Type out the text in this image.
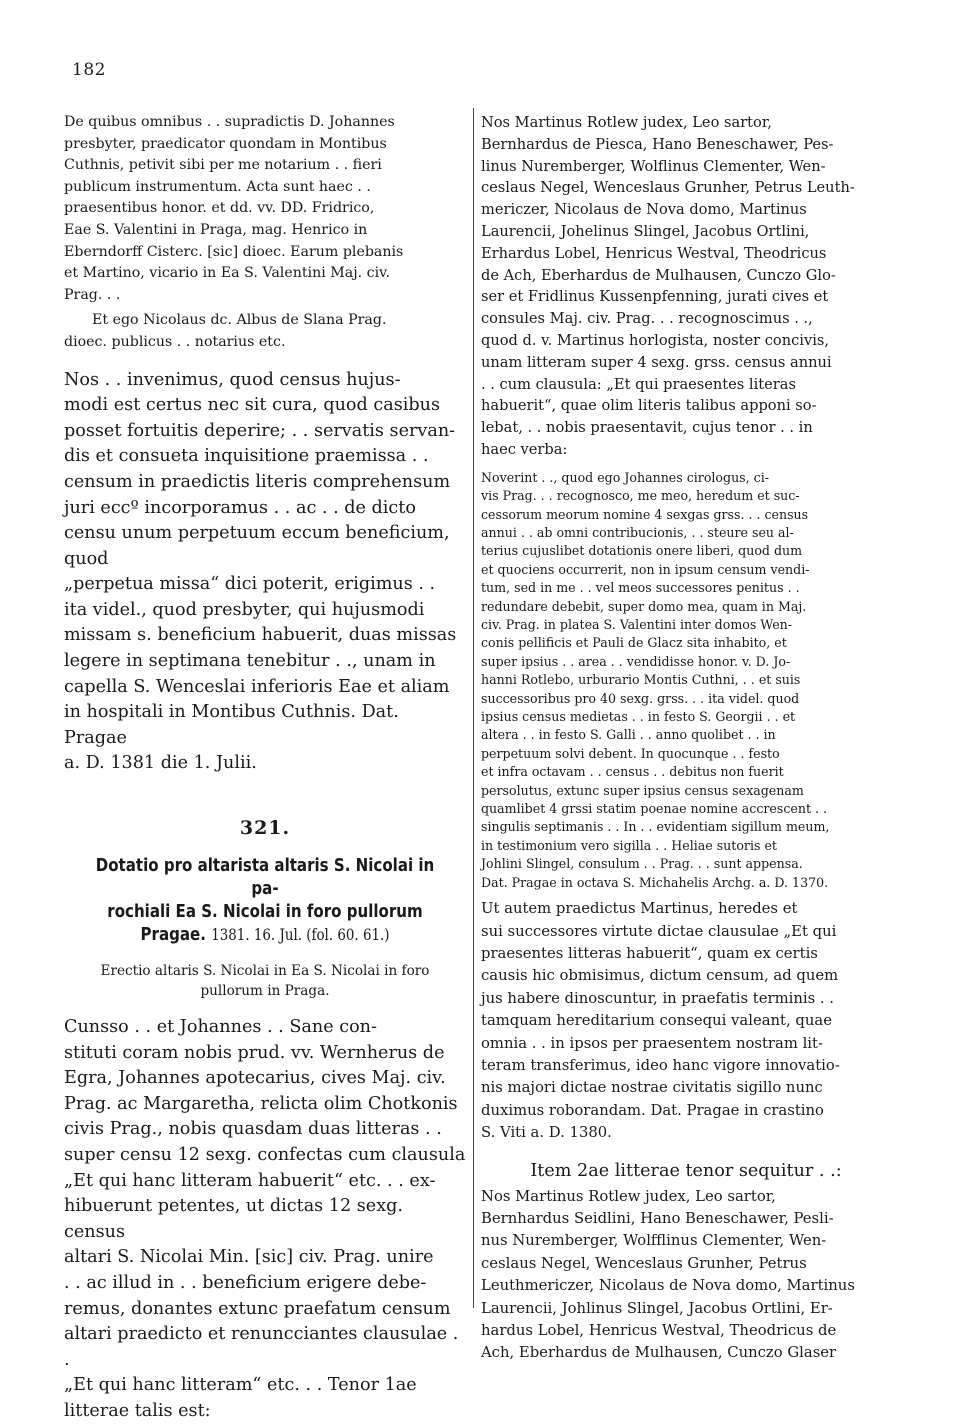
182

De quibus omnibus . . supradictis D. Johannes
presbyter, praedicator quondam in Montibus
Cuthnis, petivit sibi per me notarium . . fieri
publicum instrumentum. Acta sunt haec . .
praesentibus honor. et dd. vv. DD. Fridrico,
Eae S. Valentini in Praga, mag. Henrico in
Eberndorff Cisterc. [sic] dioec. Earum plebanis
et Martino, vicario in Ea S. Valentini Maj. civ.
Prag. . .

Et ego Nicolaus dc. Albus de Slana Prag.
dioec. publicus . . notarius etc.

Nos . . invenimus, quod census hujus-
modi est certus nec sit cura, quod casibus
posset fortuitis deperire; . . servatis servan-
dis et consueta inquisitione praemissa . .
censum in praedictis literis comprehensum
juri eccº incorporamus . . ac . . de dicto
censu unum perpetuum eccum beneficium, quod
„perpetua missa“ dici poterit, erigimus . .
ita videl., quod presbyter, qui hujusmodi
missam s. beneficium habuerit, duas missas
legere in septimana tenebitur . ., unam in
capella S. Wenceslai inferioris Eae et aliam
in hospitali in Montibus Cuthnis. Dat. Pragae
a. D. 1381 die 1. Julii.

321.
Dotatio pro altarista altaris S. Nicolai in pa-
rochiali Ea S. Nicolai in foro pullorum
Pragae. 1381. 16. Jul. (fol. 60. 61.)
Erectio altaris S. Nicolai in Ea S. Nicolai in foro
pullorum in Praga.

Cunsso . . et Johannes . . Sane con-
stituti coram nobis prud. vv. Wernherus de
Egra, Johannes apotecarius, cives Maj. civ.
Prag. ac Margaretha, relicta olim Chotkonis
civis Prag., nobis quasdam duas litteras . .
super censu 12 sexg. confectas cum clausula
„Et qui hanc litteram habuerit“ etc. . . ex-
hibuerunt petentes, ut dictas 12 sexg. census
altari S. Nicolai Min. [sic] civ. Prag. unire
. . ac illud in . . beneficium erigere debe-
remus, donantes extunc praefatum censum
altari praedicto et renuncciantes clausulae . .
„Et qui hanc litteram“ etc. . . Tenor 1ae
litterae talis est:

Nos Martinus Rotlew judex, Leo sartor,
Bernhardus de Piesca, Hano Beneschawer, Pes-
linus Nuremberger, Wolflinus Clementer, Wen-
ceslaus Negel, Wenceslaus Grunher, Petrus Leuth-
mericzer, Nicolaus de Nova domo, Martinus
Laurencii, Johelinus Slingel, Jacobus Ortlini,
Erhardus Lobel, Henricus Westval, Theodricus
de Ach, Eberhardus de Mulhausen, Cunczo Glo-
ser et Fridlinus Kussenpfenning, jurati cives et
consules Maj. civ. Prag. . . recognoscimus . .,
quod d. v. Martinus horlogista, noster concivis,
unam litteram super 4 sexg. grss. census annui
. . cum clausula: „Et qui praesentes literas
habuerit“, quae olim literis talibus apponi so-
lebat, . . nobis praesentavit, cujus tenor . . in
haec verba:

Noverint . ., quod ego Johannes cirologus, ci-
vis Prag. . . recognosco, me meo, heredum et suc-
cessorum meorum nomine 4 sexgas grss. . . census
annui . . ab omni contribucionis, . . steure seu al-
terius cujuslibet dotationis onere liberi, quod dum
et quociens occurrerit, non in ipsum censum vendi-
tum, sed in me . . vel meos successores penitus . .
redundare debebit, super domo mea, quam in Maj.
civ. Prag. in platea S. Valentini inter domos Wen-
conis pellificis et Pauli de Glacz sita inhabito, et
super ipsius . . area . . vendidisse honor. v. D. Jo-
hanni Rotlebo, urburario Montis Cuthni, . . et suis
successoribus pro 40 sexg. grss. . . ita videl. quod
ipsius census medietas . . in festo S. Georgii . . et
altera . . in festo S. Galli . . anno quolibet . . in
perpetuum solvi debent. In quocunque . . festo
et infra octavam . . census . . debitus non fuerit
persolutus, extunc super ipsius census sexagenam
quamlibet 4 grssi statim poenae nomine accrescent . .
singulis septimanis . . In . . evidentiam sigillum meum,
in testimonium vero sigilla . . Heliae sutoris et
Johlini Slingel, consulum . . Prag. . . sunt appensa.
Dat. Pragae in octava S. Michahelis Archg. a. D. 1370.

Ut autem praedictus Martinus, heredes et
sui successores virtute dictae clausulae „Et qui
praesentes litteras habuerit“, quam ex certis
causis hic obmisimus, dictum censum, ad quem
jus habere dinoscuntur, in praefatis terminis . .
tamquam hereditarium consequi valeant, quae
omnia . . in ipsos per praesentem nostram lit-
teram transferimus, ideo hanc vigore innovatio-
nis majori dictae nostrae civitatis sigillo nunc
duximus roborandam. Dat. Pragae in crastino
S. Viti a. D. 1380.

Item 2ae litterae tenor sequitur . .:

Nos Martinus Rotlew judex, Leo sartor,
Bernhardus Seidlini, Hano Beneschawer, Pesli-
nus Nuremberger, Wolfflinus Clementer, Wen-
ceslaus Negel, Wenceslaus Grunher, Petrus
Leuthmericzer, Nicolaus de Nova domo, Martinus
Laurencii, Johlinus Slingel, Jacobus Ortlini, Er-
hardus Lobel, Henricus Westval, Theodricus de
Ach, Eberhardus de Mulhausen, Cunczo Glaser
